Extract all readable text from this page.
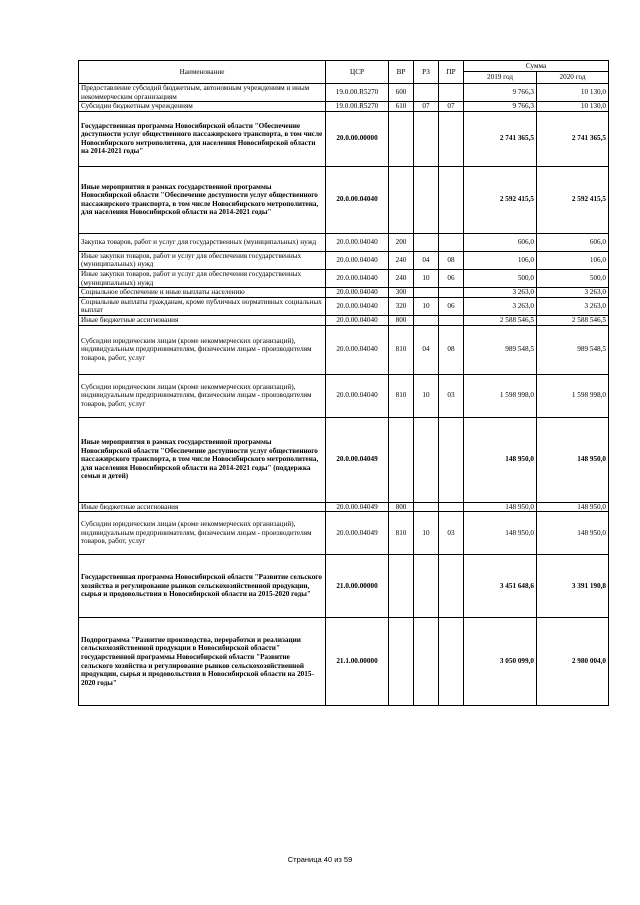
Наименование	ЦСР	ВР	РЗ	ПР	Сумма	
					2019 год	2020 год
Предоставление субсидий бюджетным, автономным учреждениям и иным некоммерческим организациям	19.0.00.R5270	600			9 766,3	10 130,0
Субсидии бюджетным учреждениям	19.0.00.R5270	610	07	07	9 766,3	10 130,0
Государственная программа Новосибирской области "Обеспечение доступности услуг общественного пассажирского транспорта, в том числе Новосибирского метрополитена, для населения Новосибирской области на 2014-2021 годы"	20.0.00.00000				2 741 365,5	2 741 365,5
Иные мероприятия в рамках государственной программы Новосибирской области "Обеспечение доступности услуг общественного пассажирского транспорта, в том числе Новосибирского метрополитена, для населения Новосибирской области на 2014-2021 годы"	20.0.00.04040				2 592 415,5	2 592 415,5
Закупка товаров, работ и услуг для государственных (муниципальных) нужд	20.0.00.04040	200			606,0	606,0
Иные закупки товаров, работ и услуг для обеспечения государственных (муниципальных) нужд	20.0.00.04040	240	04	08	106,0	106,0
Иные закупки товаров, работ и услуг для обеспечения государственных (муниципальных) нужд	20.0.00.04040	240	10	06	500,0	500,0
Социальное обеспечение и иные выплаты населению	20.0.00.04040	300			3 263,0	3 263,0
Социальные выплаты гражданам, кроме публичных нормативных социальных выплат	20.0.00.04040	320	10	06	3 263,0	3 263,0
Иные бюджетные ассигнования	20.0.00.04040	800			2 588 546,5	2 588 546,5
Субсидии юридическим лицам (кроме некоммерческих организаций), индивидуальным предпринимателям, физическим лицам - производителям товаров, работ, услуг	20.0.00.04040	810	04	08	989 548,5	989 548,5
Субсидии юридическим лицам (кроме некоммерческих организаций), индивидуальным предпринимателям, физическим лицам - производителям товаров, работ, услуг	20.0.00.04040	810	10	03	1 598 998,0	1 598 998,0
Иные мероприятия в рамках государственной программы Новосибирской области "Обеспечение доступности услуг общественного пассажирского транспорта, в том числе Новосибирского метрополитена, для населения Новосибирской области на 2014-2021 годы" (поддержка семьи и детей)	20.0.00.04049				148 950,0	148 950,0
Иные бюджетные ассигнования	20.0.00.04049	800			148 950,0	148 950,0
Субсидии юридическим лицам (кроме некоммерческих организаций), индивидуальным предпринимателям, физическим лицам - производителям товаров, работ, услуг	20.0.00.04049	810	10	03	148 950,0	148 950,0
Государственная программа Новосибирской области "Развитие сельского хозяйства и регулирование рынков сельскохозяйственной продукции, сырья и продовольствия в Новосибирской области на 2015-2020 годы"	21.0.00.00000				3 451 648,6	3 391 190,8
Подпрограмма "Развитие производства, переработки и реализации сельскохозяйственной продукции в Новосибирской области" государственной программы Новосибирской области "Развитие сельского хозяйства и регулирование рынков сельскохозяйственной продукции, сырья и продовольствия в Новосибирской области на 2015-2020 годы"	21.1.00.00000				3 050 099,0	2 980 004,0
Страница 40 из 59
